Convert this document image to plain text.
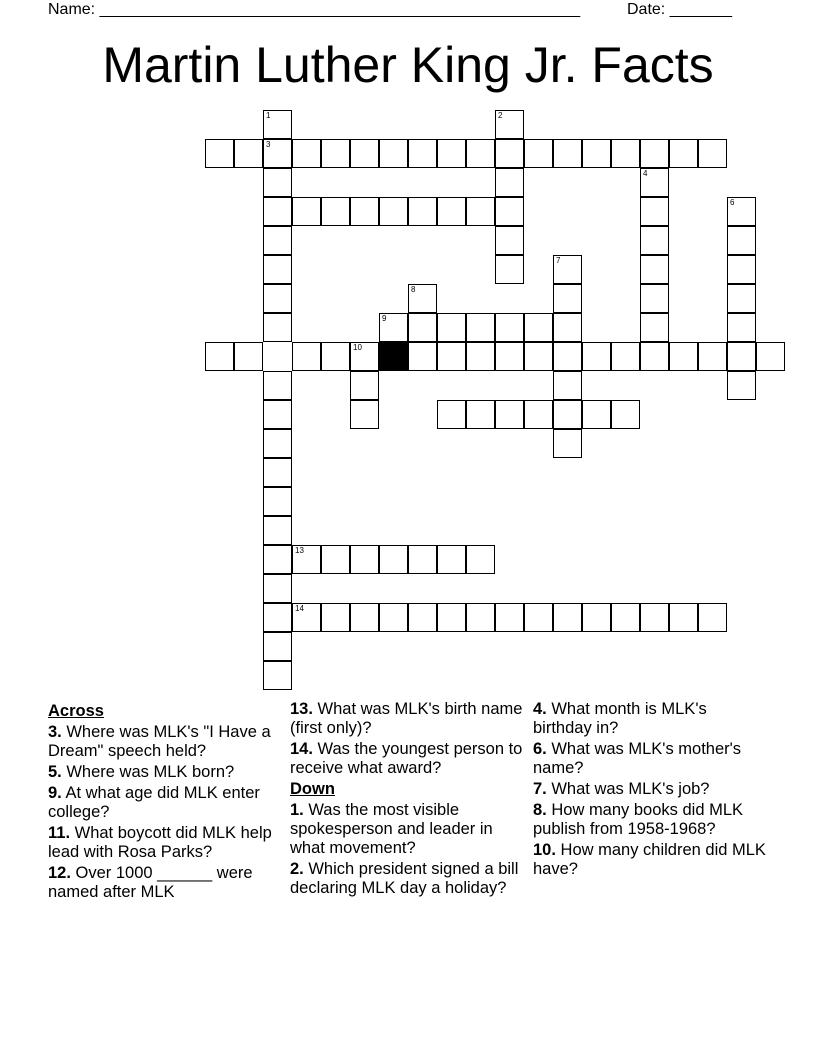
Name: ______________________________________________________	Date: _______
Martin Luther King Jr. Facts
3
1	2
4
6
7
8
9
10
13
14
Across
3. Where was MLK's "I Have a Dream" speech held?
5. Where was MLK born?
9. At what age did MLK enter college?
11. What boycott did MLK help lead with Rosa Parks?
12. Over 1000 ______ were named after MLK
13. What was MLK's birth name (first only)?
14. Was the youngest person to receive what award?
Down
1. Was the most visible spokesperson and leader in what movement?
2. Which president signed a bill declaring MLK day a holiday?
4. What month is MLK's birthday in?
6. What was MLK's mother's name?
7. What was MLK's job?
8. How many books did MLK publish from 1958-1968?
10. How many children did MLK have?
